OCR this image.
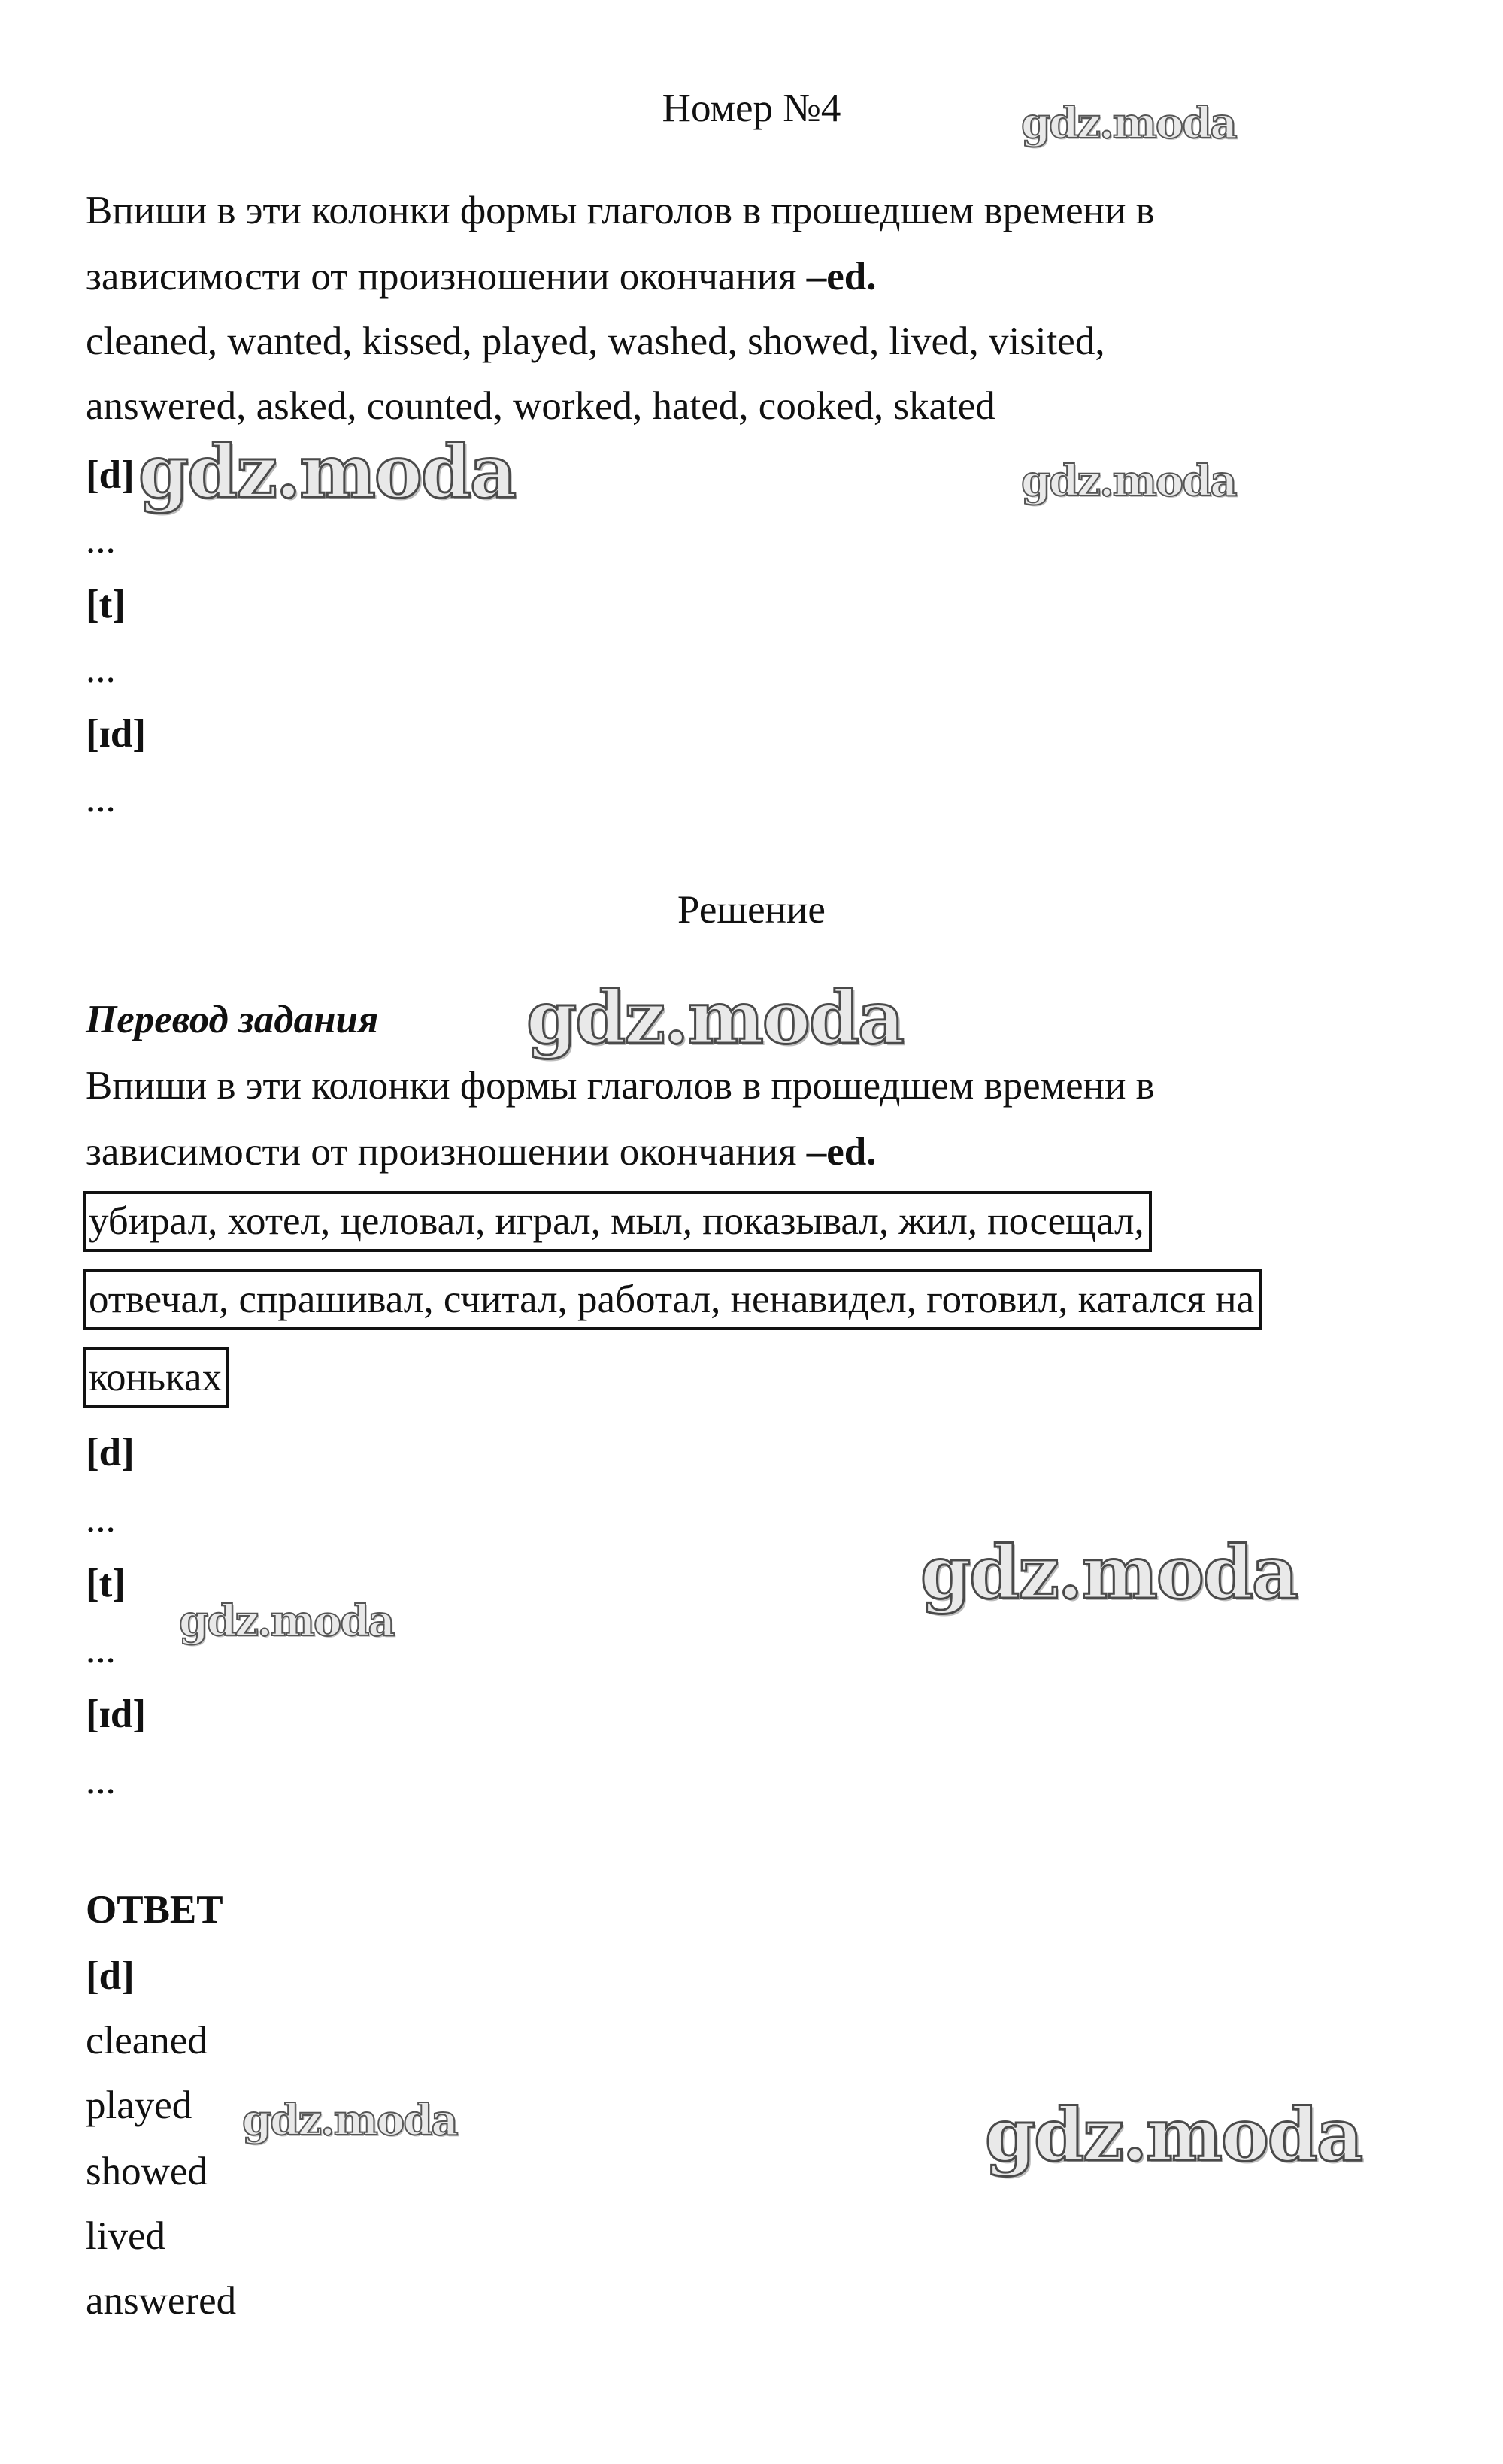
Номер №4
Впиши в эти колонки формы глаголов в прошедшем времени в
зависимости от произношении окончания –ed.
cleaned, wanted, kissed, played, washed, showed, lived, visited,
answered, asked, counted, worked, hated, cooked, skated
[d]
...
[t]
...
[ɪd]
...
Решение
Перевод задания
Впиши в эти колонки формы глаголов в прошедшем времени в
зависимости от произношении окончания –ed.
убирал, хотел, целовал, играл, мыл, показывал, жил, посещал,
отвечал, спрашивал, считал, работал, ненавидел, готовил, катался на
коньках
[d]
...
[t]
...
[ɪd]
...
ОТВЕТ
[d]
cleaned
played
showed
lived
answered
gdz.moda
gdz.moda	gdz.moda
gdz.moda
gdz.moda
gdz.moda
gdz.moda	gdz.moda
